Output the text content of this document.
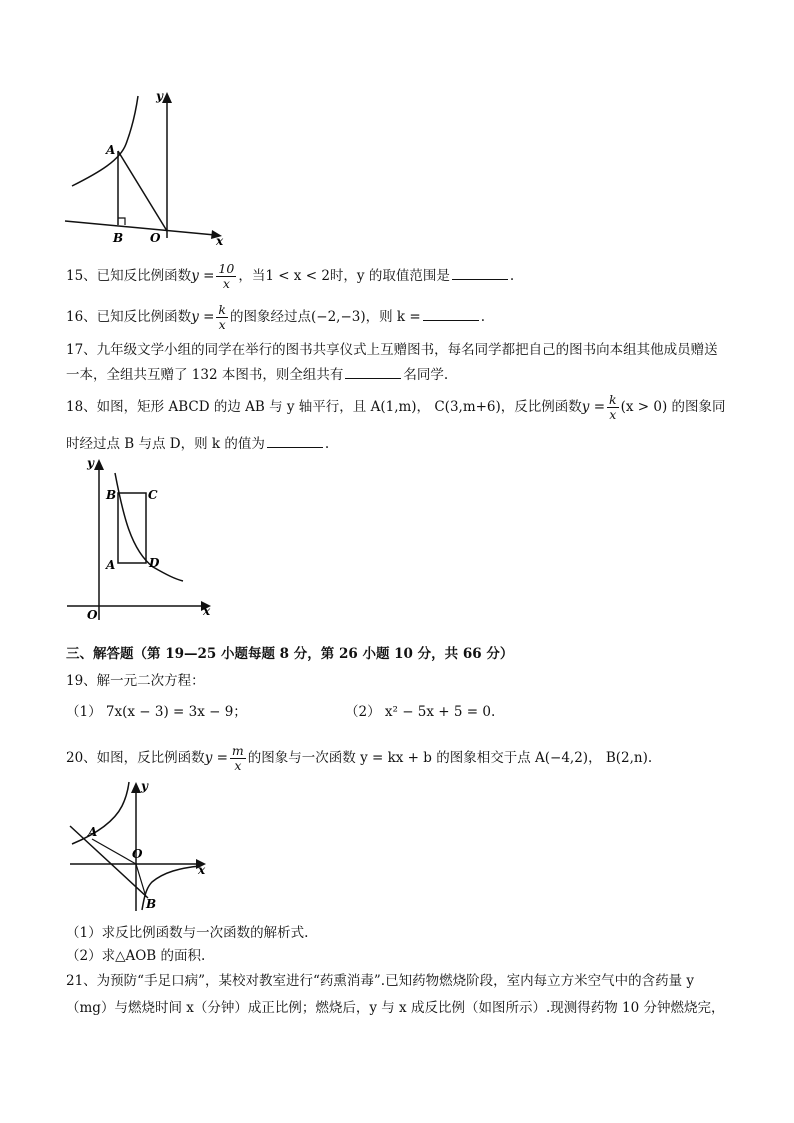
y
A
B O	x
15、已知反比例函数$y = \frac{10}{x}$ ，当1 < x < 2时，y 的取值范围是	.
16、已知反比例函数$y = \frac{k}{x}$ 的图象经过点(−2,−3)，则 k =	.
17、九年级文学小组的同学在举行的图书共享仪式上互赠图书，每名同学都把自己的图书向本组其他成员赠送
一本，全组共互赠了 132 本图书，则全组共有	名同学.
18、如图，矩形 ABCD 的边 AB 与 y 轴平行，且 A(1,m)， C(3,m+6)，反比例函数$y = \frac{k}{x} (x > 0)$ 的图象同
时经过点 B 与点 D，则 k 的值为	.
y
B	C
A	D
O	x
三、解答题（第 19—25 小题每题 8 分，第 26 小题 10 分，共 66 分）
19、解一元二次方程：
（1） 7x(x − 3) = 3x − 9；	（2） x² − 5x + 5 = 0.
20、如图，反比例函数$y = \frac{m}{x}$ 的图象与一次函数 y = kx + b 的图象相交于点 A(−4,2)， B(2,n).
y
A
O
x
B
（1）求反比例函数与一次函数的解析式.
（2）求△AOB 的面积.
21、为预防“手足口病”，某校对教室进行“药熏消毒”.已知药物燃烧阶段，室内每立方米空气中的含药量 y
（mg）与燃烧时间 x（分钟）成正比例；燃烧后，y 与 x 成反比例（如图所示）.现测得药物 10 分钟燃烧完，
